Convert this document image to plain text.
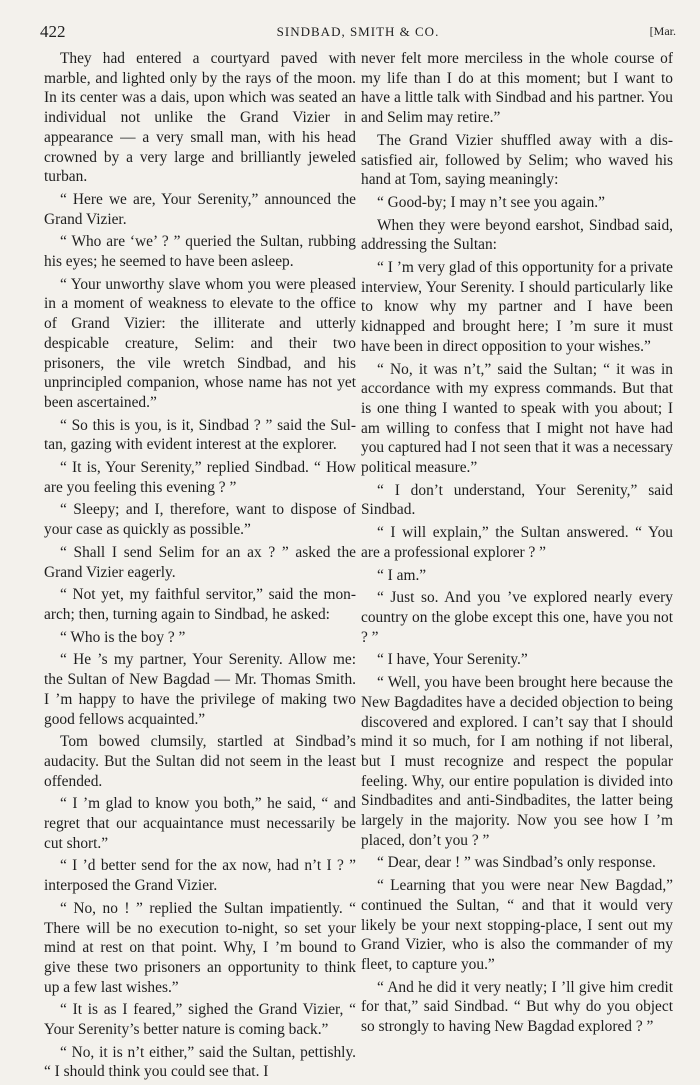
422	SINDBAD, SMITH & CO.	[Mar.

They had entered a courtyard paved with marble, and lighted only by the rays of the moon. In its center was a dais, upon which was seated an individual not unlike the Grand Vizier in appearance — a very small man, with his head crowned by a very large and brilliantly jeweled turban.

“ Here we are, Your Serenity,” announced the Grand Vizier.

“ Who are ‘we’ ? ” queried the Sultan, rubbing his eyes; he seemed to have been asleep.

“ Your unworthy slave whom you were pleased in a moment of weakness to elevate to the office of Grand Vizier: the illiterate and utterly despicable creature, Selim: and their two prisoners, the vile wretch Sindbad, and his unprincipled companion, whose name has not yet been ascertained.”

“ So this is you, is it, Sindbad ? ” said the Sultan, gazing with evident interest at the explorer.

“ It is, Your Serenity,” replied Sindbad. “ How are you feeling this evening ? ”

“ Sleepy; and I, therefore, want to dispose of your case as quickly as possible.”

“ Shall I send Selim for an ax ? ” asked the Grand Vizier eagerly.

“ Not yet, my faithful servitor,” said the monarch; then, turning again to Sindbad, he asked:

“ Who is the boy ? ”

“ He ’s my partner, Your Serenity. Allow me: the Sultan of New Bagdad — Mr. Thomas Smith. I ’m happy to have the privilege of making two good fellows acquainted.”

Tom bowed clumsily, startled at Sindbad’s audacity. But the Sultan did not seem in the least offended.

“ I ’m glad to know you both,” he said, “ and regret that our acquaintance must necessarily be cut short.”

“ I ’d better send for the ax now, had n’t I ? ” interposed the Grand Vizier.

“ No, no ! ” replied the Sultan impatiently. “ There will be no execution to-night, so set your mind at rest on that point. Why, I ’m bound to give these two prisoners an opportunity to think up a few last wishes.”

“ It is as I feared,” sighed the Grand Vizier, “ Your Serenity’s better nature is coming back.”

“ No, it is n’t either,” said the Sultan, pettishly. “ I should think you could see that. I

never felt more merciless in the whole course of my life than I do at this moment; but I want to have a little talk with Sindbad and his partner. You and Selim may retire.”

The Grand Vizier shuffled away with a dissatisfied air, followed by Selim; who waved his hand at Tom, saying meaningly:

“ Good-by; I may n’t see you again.”

When they were beyond earshot, Sindbad said, addressing the Sultan:

“ I ’m very glad of this opportunity for a private interview, Your Serenity. I should particularly like to know why my partner and I have been kidnapped and brought here; I ’m sure it must have been in direct opposition to your wishes.”

“ No, it was n’t,” said the Sultan; “ it was in accordance with my express commands. But that is one thing I wanted to speak with you about; I am willing to confess that I might not have had you captured had I not seen that it was a necessary political measure.”

“ I don’t understand, Your Serenity,” said Sindbad.

“ I will explain,” the Sultan answered. “ You are a professional explorer ? ”

“ I am.”

“ Just so. And you ’ve explored nearly every country on the globe except this one, have you not ? ”

“ I have, Your Serenity.”

“ Well, you have been brought here because the New Bagdadites have a decided objection to being discovered and explored. I can’t say that I should mind it so much, for I am nothing if not liberal, but I must recognize and respect the popular feeling. Why, our entire population is divided into Sindbadites and anti-Sindbadites, the latter being largely in the majority. Now you see how I ’m placed, don’t you ? ”

“ Dear, dear ! ” was Sindbad’s only response.

“ Learning that you were near New Bagdad,” continued the Sultan, “ and that it would very likely be your next stopping-place, I sent out my Grand Vizier, who is also the commander of my fleet, to capture you.”

“ And he did it very neatly; I ’ll give him credit for that,” said Sindbad. “ But why do you object so strongly to having New Bagdad explored ? ”
